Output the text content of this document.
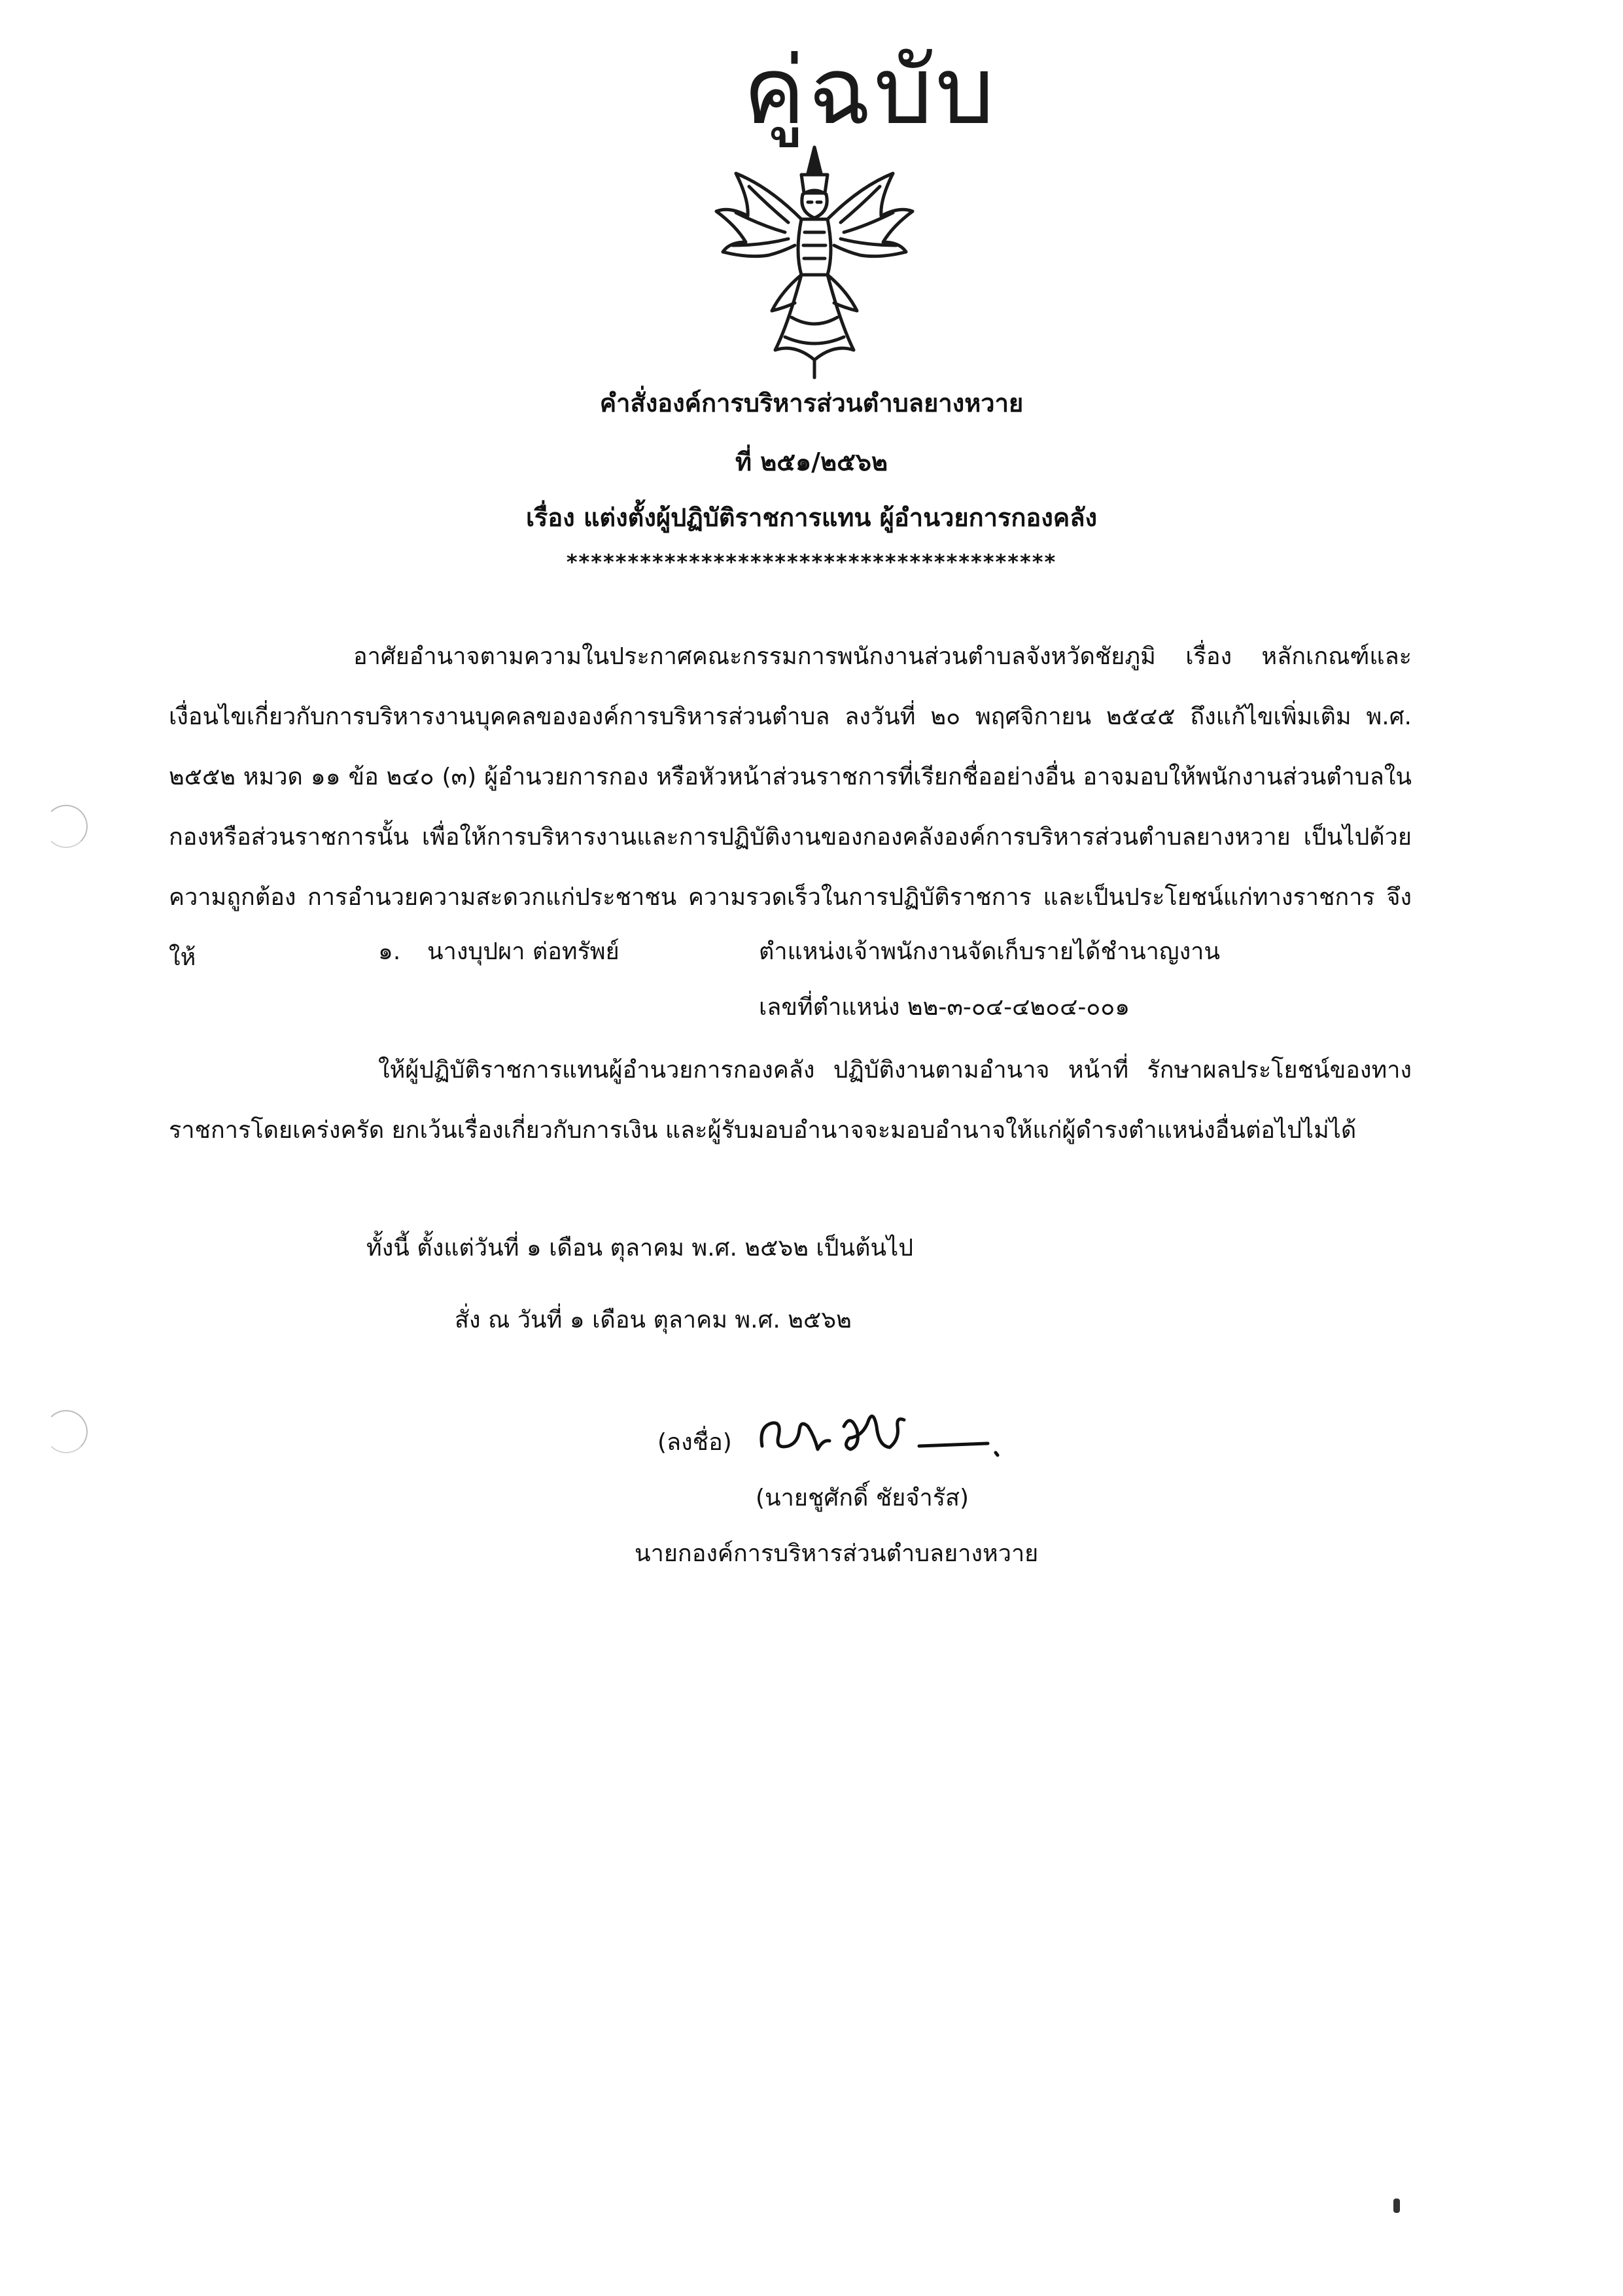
คู่ฉบับ
คำสั่งองค์การบริหารส่วนตำบลยางหวาย
ที่ ๒๕๑/๒๕๖๒
เรื่อง แต่งตั้งผู้ปฏิบัติราชการแทน ผู้อำนวยการกองคลัง
****************************************
อาศัยอำนาจตามความในประกาศคณะกรรมการพนักงานส่วนตำบลจังหวัดชัยภูมิ เรื่อง หลักเกณฑ์และเงื่อนไขเกี่ยวกับการบริหารงานบุคคลขององค์การบริหารส่วนตำบล ลงวันที่ ๒๐ พฤศจิกายน ๒๕๔๕ ถึงแก้ไขเพิ่มเติม พ.ศ. ๒๕๕๒ หมวด ๑๑ ข้อ ๒๔๐ (๓) ผู้อำนวยการกอง หรือหัวหน้าส่วนราชการที่เรียกชื่ออย่างอื่น อาจมอบให้พนักงานส่วนตำบลในกองหรือส่วนราชการนั้น เพื่อให้การบริหารงานและการปฏิบัติงานของกองคลังองค์การบริหารส่วนตำบลยางหวาย เป็นไปด้วยความถูกต้อง การอำนวยความสะดวกแก่ประชาชน ความรวดเร็วในการปฏิบัติราชการ และเป็นประโยชน์แก่ทางราชการ จึงให้	๑. นางบุปผา ต่อทรัพย์	ตำแหน่งเจ้าพนักงานจัดเก็บรายได้ชำนาญงาน
เลขที่ตำแหน่ง ๒๒-๓-๐๔-๔๒๐๔-๐๐๑
ให้ผู้ปฏิบัติราชการแทนผู้อำนวยการกองคลัง ปฏิบัติงานตามอำนาจ หน้าที่ รักษาผลประโยชน์ของทางราชการโดยเคร่งครัด ยกเว้นเรื่องเกี่ยวกับการเงิน และผู้รับมอบอำนาจจะมอบอำนาจให้แก่ผู้ดำรงตำแหน่งอื่นต่อไปไม่ได้
ทั้งนี้ ตั้งแต่วันที่ ๑ เดือน ตุลาคม พ.ศ. ๒๕๖๒ เป็นต้นไป
สั่ง ณ วันที่ ๑ เดือน ตุลาคม พ.ศ. ๒๕๖๒
(ลงชื่อ)
(นายชูศักดิ์ ชัยจำรัส)
นายกองค์การบริหารส่วนตำบลยางหวาย
